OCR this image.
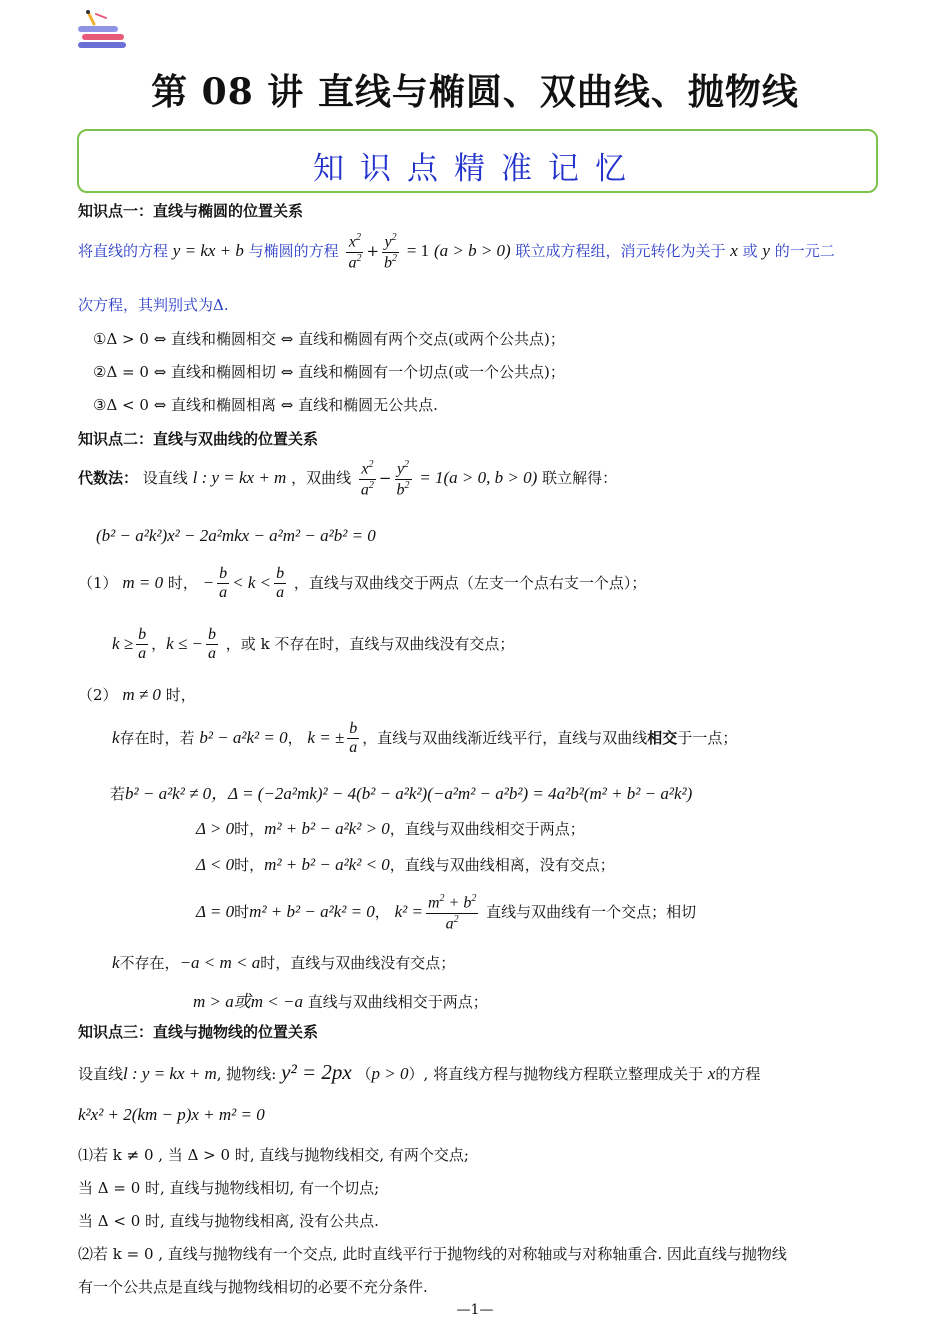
第 08 讲 直线与椭圆、双曲线、抛物线
知识点精准记忆
知识点一：直线与椭圆的位置关系
将直线的方程 y = kx + b 与椭圆的方程 $\frac{x^2}{a^2} + \frac{y^2}{b^2} = 1$ (a > b > 0) 联立成方程组，消元转化为关于 x 或 y 的一元二
次方程，其判别式为Δ.
①Δ > 0 ⇔ 直线和椭圆相交 ⇔ 直线和椭圆有两个交点(或两个公共点)；
②Δ = 0 ⇔ 直线和椭圆相切 ⇔ 直线和椭圆有一个切点(或一个公共点)；
③Δ < 0 ⇔ 直线和椭圆相离 ⇔ 直线和椭圆无公共点.
知识点二：直线与双曲线的位置关系
代数法： 设直线 l : y = kx + m ，双曲线 $\frac{x^2}{a^2} - \frac{y^2}{b^2} = 1(a > 0$, b > 0) 联立解得：
(b² − a²k²)x² − 2a²mkx − a²m² − a²b² = 0
（1） m = 0 时， − $\frac{b}{a} < k < \frac{b}{a}$ ，直线与双曲线交于两点（左支一个点右支一个点）；
$k \ge \frac{b}{a}$ ，k ≤ − $\frac{b}{a}$ ，或 k 不存在时，直线与双曲线没有交点；
（2） m ≠ 0 时，
k存在时，若 b² − a²k² = 0， k = ± $\frac{b}{a}$ ，直线与双曲线渐近线平行，直线与双曲线相交于一点；
若b² − a²k² ≠ 0，Δ = (−2a²mk)² − 4(b² − a²k²)(−a²m² − a²b²) = 4a²b²(m² + b² − a²k²)
Δ > 0时，m² + b² − a²k² > 0，直线与双曲线相交于两点；
Δ < 0时，m² + b² − a²k² < 0，直线与双曲线相离，没有交点；
Δ = 0时m² + b² − a²k² = 0， $k^2 = \frac{m^2 + b^2}{a^2}$ 直线与双曲线有一个交点；相切
k不存在，−a < m < a时，直线与双曲线没有交点；
m > a或m < −a 直线与双曲线相交于两点；
知识点三：直线与抛物线的位置关系
设直线l : y = kx + m, 抛物线: y² = 2px （p > 0）, 将直线方程与抛物线方程联立整理成关于 x的方程
k²x² + 2(km − p)x + m² = 0
⑴若 k ≠ 0 , 当 Δ > 0 时, 直线与抛物线相交, 有两个交点;
当 Δ = 0 时, 直线与抛物线相切, 有一个切点;
当 Δ < 0 时, 直线与抛物线相离, 没有公共点.
⑵若 k = 0 , 直线与抛物线有一个交点, 此时直线平行于抛物线的对称轴或与对称轴重合. 因此直线与抛物线
有一个公共点是直线与抛物线相切的必要不充分条件.
—1—
